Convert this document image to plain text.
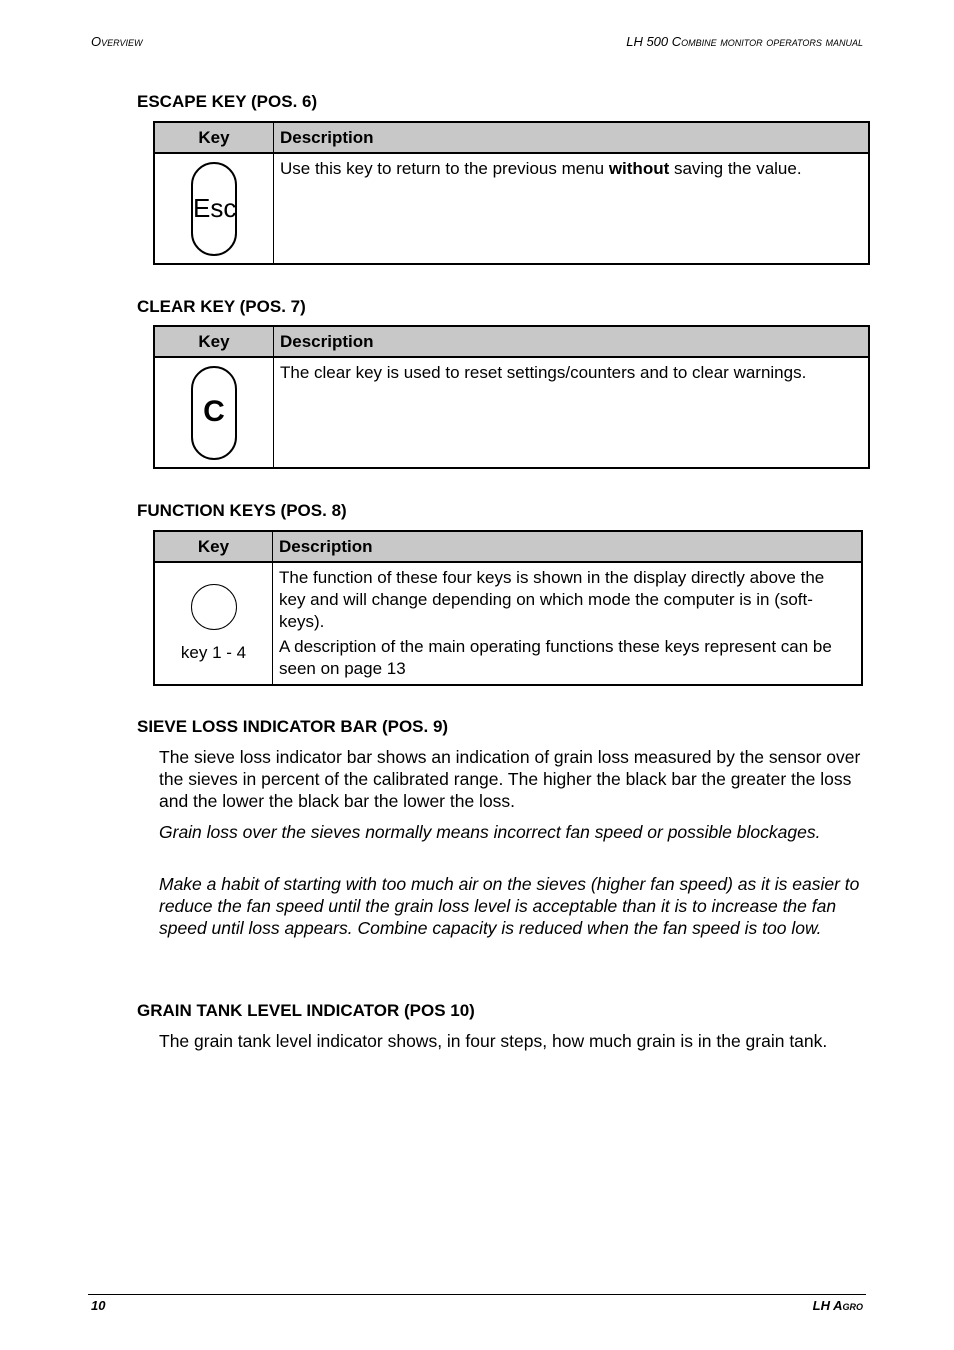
Overview	LH 500 Combine monitor operators manual
ESCAPE KEY (POS. 6)
Key	Description
Esc	Use this key to return to the previous menu without saving the value.
CLEAR KEY (POS. 7)
Key	Description
C	The clear key is used to reset settings/counters and to clear warnings.
FUNCTION KEYS (POS. 8)
Key	Description

key 1 - 4	The function of these four keys is shown in the display directly above the key and will change depending on which mode the computer is in (soft-keys).
A description of the main operating functions these keys represent can be seen on page 13
SIEVE LOSS INDICATOR BAR (POS. 9)

The sieve loss indicator bar shows an indication of grain loss measured by the sensor over the sieves in percent of the calibrated range. The higher the black bar the greater the loss and the lower the black bar the lower the loss.

Grain loss over the sieves normally means incorrect fan speed or possible blockages.

Make a habit of starting with too much air on the sieves (higher fan speed) as it is easier to reduce the fan speed until the grain loss level is acceptable than it is to increase the fan speed until loss appears. Combine capacity is reduced when the fan speed is too low.

GRAIN TANK LEVEL INDICATOR (POS 10)

The grain tank level indicator shows, in four steps, how much grain is in the grain tank.

10	LH Agro
